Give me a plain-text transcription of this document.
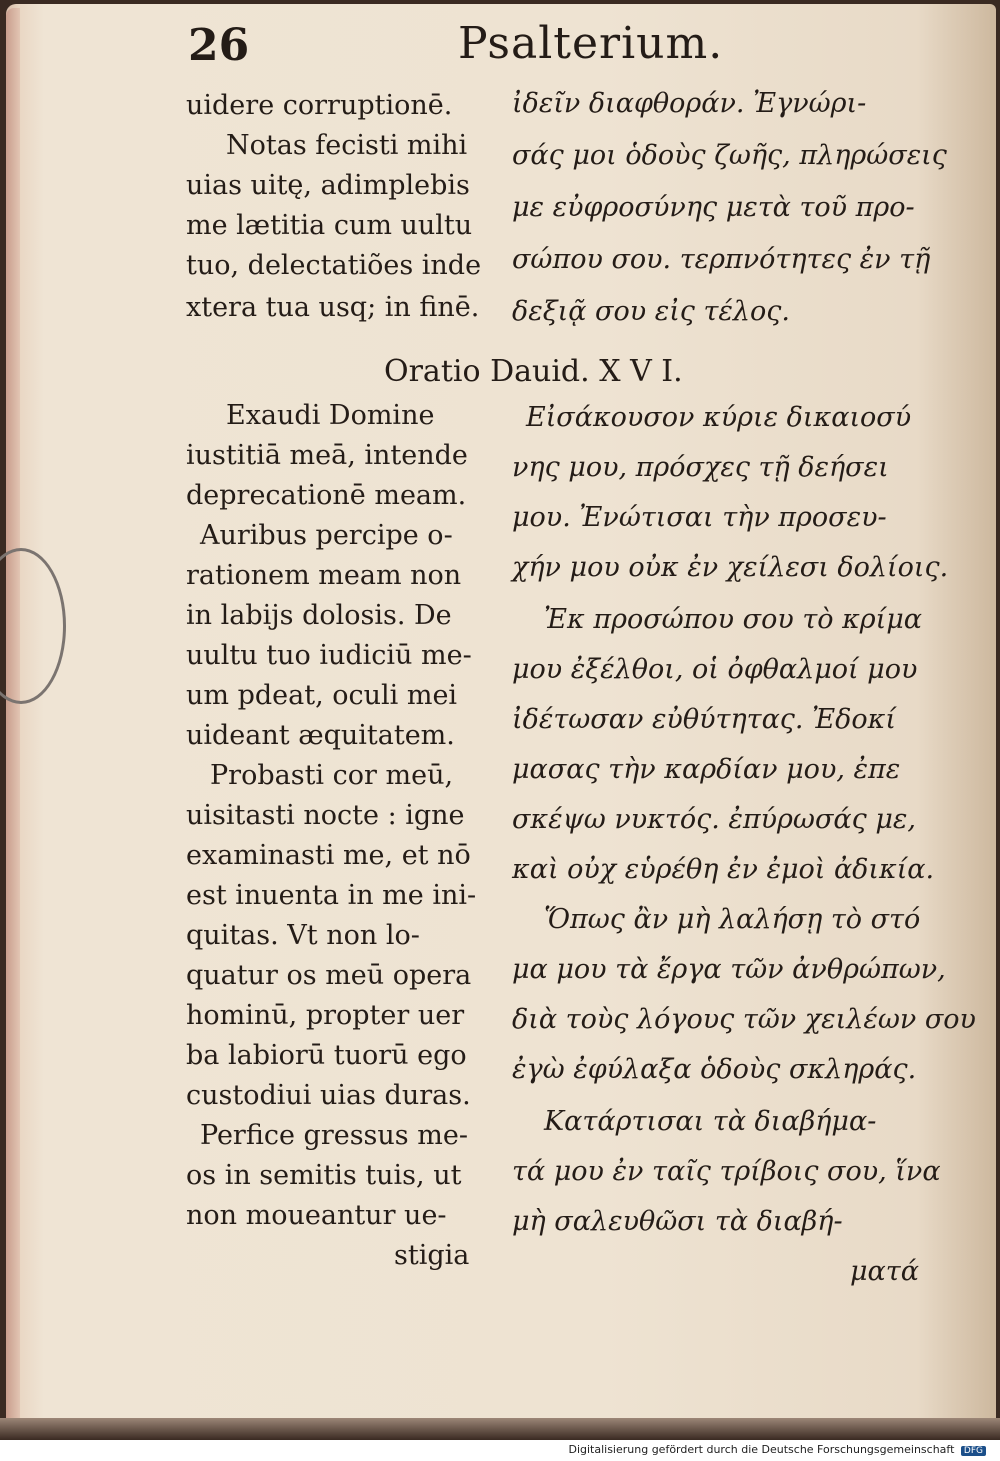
26	Psalterium.
Oratio Dauid. X V I.
uidere corruptionē.
Notas fecisti mihi
uias uitę, adimplebis
me lætitia cum uultu
tuo, delectatiões inde
xtera tua usq; in finē.
Exaudi Domine
iustitiā meā, intende
deprecationē meam.
Auribus percipe o-
rationem meam non
in labijs dolosis. De
uultu tuo iudiciū me-
um pdeat, oculi mei
uideant æquitatem.
Probasti cor meū,
uisitasti nocte : igne
examinasti me, et nō
est inuenta in me ini-
quitas. Vt non lo-
quatur os meū opera
hominū, propter uer
ba labiorū tuorū ego
custodiui uias duras.
Perfice gressus me-
os in semitis tuis, ut
non moueantur ue-
stigia
ἰδεῖν διαφθοράν. Ἐγνώρι-
σάς μοι ὁδοὺς ζωῆς, πληρώσεις
με εὐφροσύνης μετὰ τοῦ προ-
σώπου σου. τερπνότητες ἐν τῇ
δεξιᾷ σου εἰς τέλος.
Εἰσάκουσον κύριε δικαιοσύ
νης μου, πρόσχες τῇ δεήσει
μου. Ἐνώτισαι τὴν προσευ-
χήν μου οὐκ ἐν χείλεσι δολίοις.
Ἐκ προσώπου σου τὸ κρίμα
μου ἐξέλθοι, οἱ ὀφθαλμοί μου
ἰδέτωσαν εὐθύτητας. Ἐδοκί
μασας τὴν καρδίαν μου, ἐπε
σκέψω νυκτός. ἐπύρωσάς με,
καὶ οὐχ εὑρέθη ἐν ἐμοὶ ἀδικία.
Ὅπως ἂν μὴ λαλήσῃ τὸ στό
μα μου τὰ ἔργα τῶν ἀνθρώπων,
διὰ τοὺς λόγους τῶν χειλέων σου
ἐγὼ ἐφύλαξα ὁδοὺς σκληράς.
Κατάρτισαι τὰ διαβήμα-
τά μου ἐν ταῖς τρίβοις σου, ἵνα
μὴ σαλευθῶσι τὰ διαβή-
ματά
Digitalisierung gefördert durch die Deutsche Forschungsgemeinschaft DFG
